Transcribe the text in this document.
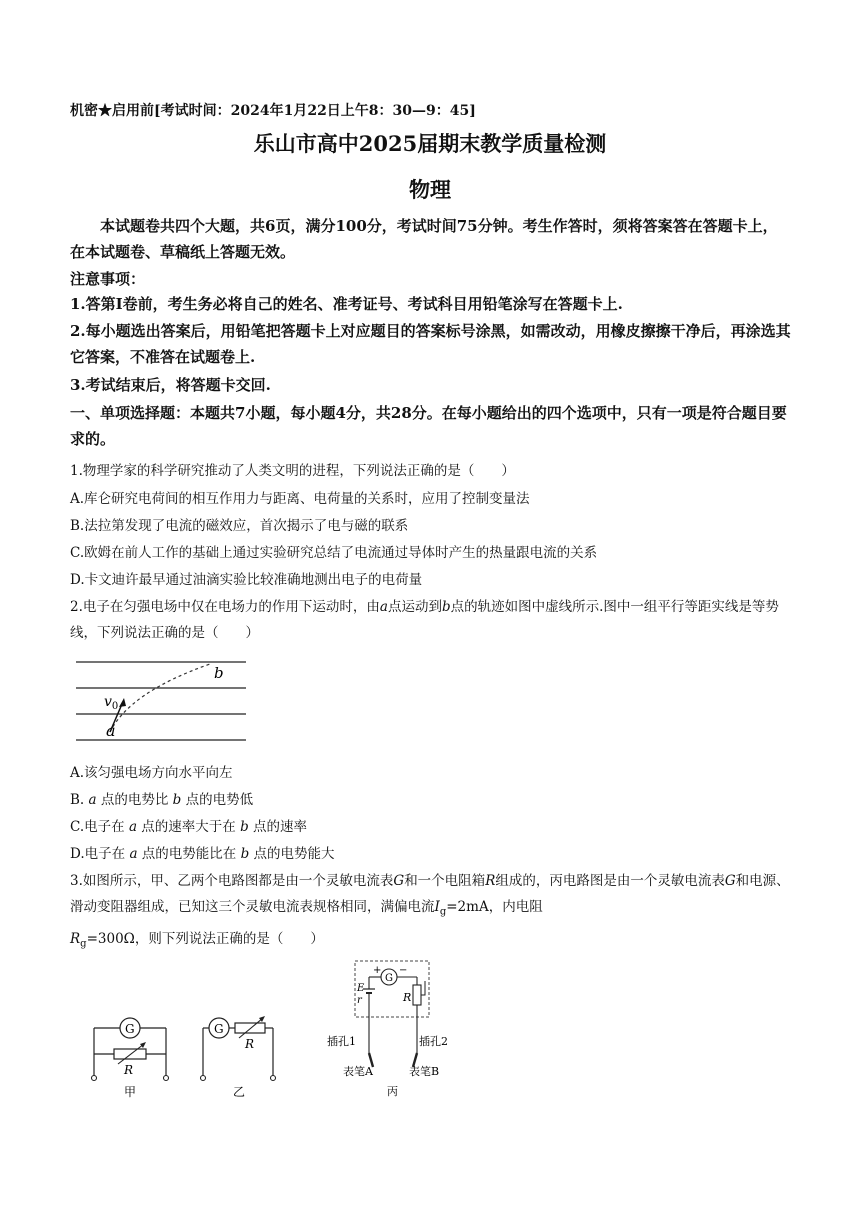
机密★启用前[考试时间：2024年1月22日上午8：30—9：45]
乐山市高中2025届期末教学质量检测
物理
本试题卷共四个大题，共6页，满分100分，考试时间75分钟。考生作答时，须将答案答在答题卡上，在本试题卷、草稿纸上答题无效。
注意事项：
1.答第I卷前，考生务必将自己的姓名、准考证号、考试科目用铅笔涂写在答题卡上.
2.每小题选出答案后，用铅笔把答题卡上对应题目的答案标号涂黑，如需改动，用橡皮擦擦干净后，再涂选其它答案，不准答在试题卷上.
3.考试结束后，将答题卡交回.
一、单项选择题：本题共7小题，每小题4分，共28分。在每小题给出的四个选项中，只有一项是符合题目要求的。
1.物理学家的科学研究推动了人类文明的进程，下列说法正确的是（　　）
A.库仑研究电荷间的相互作用力与距离、电荷量的关系时，应用了控制变量法
B.法拉第发现了电流的磁效应，首次揭示了电与磁的联系
C.欧姆在前人工作的基础上通过实验研究总结了电流通过导体时产生的热量跟电流的关系
D.卡文迪许最早通过油滴实验比较准确地测出电子的电荷量
2.电子在匀强电场中仅在电场力的作用下运动时，由a点运动到b点的轨迹如图中虚线所示.图中一组平行等距实线是等势线，下列说法正确的是（　　）
b
$v_0$
a
A.该匀强电场方向水平向左
B. a 点的电势比 b 点的电势低
C.电子在 a 点的速率大于在 b 点的速率
D.电子在 a 点的电势能比在 b 点的电势能大
3.如图所示，甲、乙两个电路图都是由一个灵敏电流表G和一个电阻箱R组成的，丙电路图是由一个灵敏电流表G和电源、滑动变阻器组成，已知这三个灵敏电流表规格相同，满偏电流$I_g=2mA$，内电阻$R_g=300\Omega$，则下列说法正确的是（　　）
G
R
甲
G
R
乙
G
+ −
E
r	R
插孔1	插孔2
表笔A	表笔B
丙
